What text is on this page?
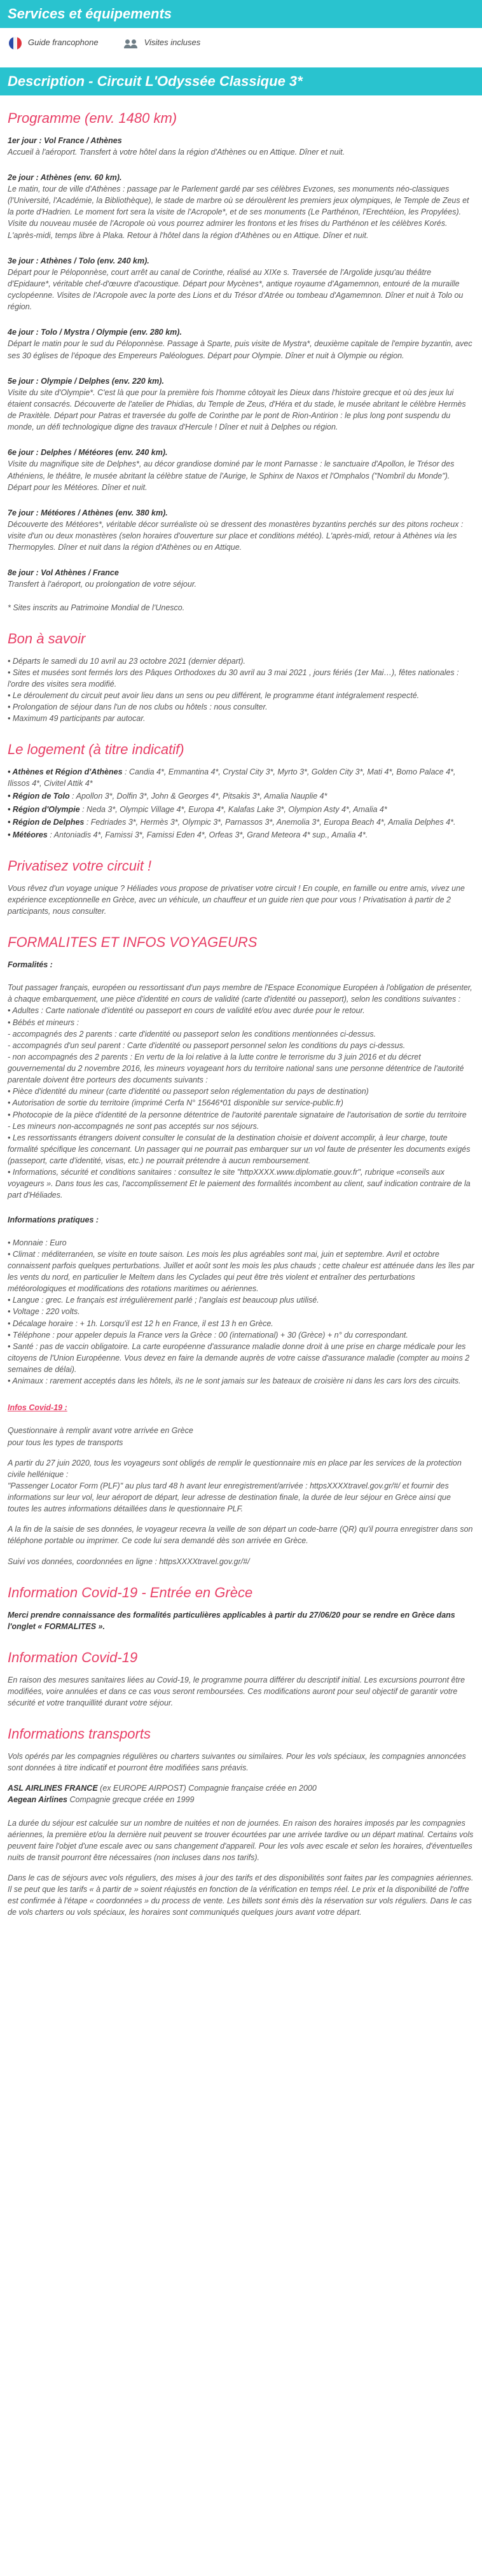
Services et équipements
Guide francophone	Visites incluses
Description - Circuit L'Odyssée Classique 3*
Programme (env. 1480 km)

1er jour : Vol France / Athènes

Accueil à l'aéroport. Transfert à votre hôtel dans la région d'Athènes ou en Attique. Dîner et nuit.

2e jour : Athènes (env. 60 km).

Le matin, tour de ville d'Athènes : passage par le Parlement gardé par ses célèbres Evzones, ses monuments néo-classiques (l'Université, l'Académie, la Bibliothèque), le stade de marbre où se déroulèrent les premiers jeux olympiques, le Temple de Zeus et la porte d'Hadrien. Le moment fort sera la visite de l'Acropole*, et de ses monuments (Le Parthénon, l'Erechtéion, les Propylées). Visite du nouveau musée de l'Acropole où vous pourrez admirer les frontons et les frises du Parthénon et les célèbres Korés. L'après-midi, temps libre à Plaka. Retour à l'hôtel dans la région d'Athènes ou en Attique. Dîner et nuit.

3e jour : Athènes / Tolo (env. 240 km).

Départ pour le Péloponnèse, court arrêt au canal de Corinthe, réalisé au XIXe s. Traversée de l'Argolide jusqu'au théâtre d'Epidaure*, véritable chef-d'œuvre d'acoustique. Départ pour Mycènes*, antique royaume d'Agamemnon, entouré de la muraille cyclopéenne. Visites de l'Acropole avec la porte des Lions et du Trésor d'Atrée ou tombeau d'Agamemnon. Dîner et nuit à Tolo ou région.

4e jour : Tolo / Mystra / Olympie (env. 280 km).

Départ le matin pour le sud du Péloponnèse. Passage à Sparte, puis visite de Mystra*, deuxième capitale de l'empire byzantin, avec ses 30 églises de l'époque des Empereurs Paléologues. Départ pour Olympie. Dîner et nuit à Olympie ou région.

5e jour : Olympie / Delphes (env. 220 km).

Visite du site d'Olympie*. C'est là que pour la première fois l'homme côtoyait les Dieux dans l'histoire grecque et où des jeux lui étaient consacrés. Découverte de l'atelier de Phidias, du Temple de Zeus, d'Héra et du stade, le musée abritant le célèbre Hermès de Praxitèle. Départ pour Patras et traversée du golfe de Corinthe par le pont de Rion-Antirion : le plus long pont suspendu du monde, un défi technologique digne des travaux d'Hercule ! Dîner et nuit à Delphes ou région.

6e jour : Delphes / Météores (env. 240 km).

Visite du magnifique site de Delphes*, au décor grandiose dominé par le mont Parnasse : le sanctuaire d'Apollon, le Trésor des Athéniens, le théâtre, le musée abritant la célèbre statue de l'Aurige, le Sphinx de Naxos et l'Omphalos ("Nombril du Monde"). Départ pour les Météores. Dîner et nuit.

7e jour : Météores / Athènes (env. 380 km).

Découverte des Météores*, véritable décor surréaliste où se dressent des monastères byzantins perchés sur des pitons rocheux : visite d'un ou deux monastères (selon horaires d'ouverture sur place et conditions météo). L'après-midi, retour à Athènes via les Thermopyles. Dîner et nuit dans la région d'Athènes ou en Attique.

8e jour : Vol Athènes / France

Transfert à l'aéroport, ou prolongation de votre séjour.

* Sites inscrits au Patrimoine Mondial de l'Unesco.

Bon à savoir

• Départs le samedi du 10 avril au 23 octobre 2021 (dernier départ).

• Sites et musées sont fermés lors des Pâques Orthodoxes du 30 avril au 3 mai 2021 , jours fériés (1er Mai…), fêtes nationales : l'ordre des visites sera modifié.

• Le déroulement du circuit peut avoir lieu dans un sens ou peu différent, le programme étant intégralement respecté.

• Prolongation de séjour dans l'un de nos clubs ou hôtels : nous consulter.

• Maximum 49 participants par autocar.

Le logement (à titre indicatif)

• Athènes et Région d'Athènes : Candia 4*, Emmantina 4*, Crystal City 3*, Myrto 3*, Golden City 3*, Mati 4*, Bomo Palace 4*, Ilissos 4*, Civitel Attik 4*

• Région de Tolo : Apollon 3*, Dolfin 3*, John & Georges 4*, Pitsakis 3*, Amalia Nauplie 4*

• Région d'Olympie : Neda 3*, Olympic Village 4*, Europa 4*, Kalafas Lake 3*, Olympion Asty 4*, Amalia 4*

• Région de Delphes : Fedriades 3*, Hermès 3*, Olympic 3*, Parnassos 3*, Anemolia 3*, Europa Beach 4*, Amalia Delphes 4*.

• Météores : Antoniadis 4*, Famissi 3*, Famissi Eden 4*, Orfeas 3*, Grand Meteora 4* sup., Amalia 4*.

Privatisez votre circuit !

Vous rêvez d'un voyage unique ? Héliades vous propose de privatiser votre circuit ! En couple, en famille ou entre amis, vivez une expérience exceptionnelle en Grèce, avec un véhicule, un chauffeur et un guide rien que pour vous ! Privatisation à partir de 2 participants, nous consulter.

FORMALITES ET INFOS VOYAGEURS

Formalités :

Tout passager français, européen ou ressortissant d'un pays membre de l'Espace Economique Européen à l'obligation de présenter, à chaque embarquement, une pièce d'identité en cours de validité (carte d'identité ou passeport), selon les conditions suivantes :
• Adultes : Carte nationale d'identité ou passeport en cours de validité et/ou avec durée pour le retour.
• Bébés et mineurs :
- accompagnés des 2 parents : carte d'identité ou passeport selon les conditions mentionnées ci-dessus.
- accompagnés d'un seul parent : Carte d'identité ou passeport personnel selon les conditions du pays ci-dessus.
- non accompagnés des 2 parents : En vertu de la loi relative à la lutte contre le terrorisme du 3 juin 2016 et du décret gouvernemental du 2 novembre 2016, les mineurs voyageant hors du territoire national sans une personne détentrice de l'autorité parentale doivent être porteurs des documents suivants :
• Pièce d'identité du mineur (carte d'identité ou passeport selon réglementation du pays de destination)
• Autorisation de sortie du territoire (imprimé Cerfa N° 15646*01 disponible sur service-public.fr)
• Photocopie de la pièce d'identité de la personne détentrice de l'autorité parentale signataire de l'autorisation de sortie du territoire
- Les mineurs non-accompagnés ne sont pas acceptés sur nos séjours.
• Les ressortissants étrangers doivent consulter le consulat de la destination choisie et doivent accomplir, à leur charge, toute formalité spécifique les concernant. Un passager qui ne pourrait pas embarquer sur un vol faute de présenter les documents exigés (passeport, carte d'identité, visas, etc.) ne pourrait prétendre à aucun remboursement.
• Informations, sécurité et conditions sanitaires : consultez le site "httpXXXX.www.diplomatie.gouv.fr", rubrique «conseils aux voyageurs ». Dans tous les cas, l'accomplissement Et le paiement des formalités incombent au client, sauf indication contraire de la part d'Héliades.

Informations pratiques :

• Monnaie : Euro
• Climat : méditerranéen, se visite en toute saison. Les mois les plus agréables sont mai, juin et septembre. Avril et octobre connaissent parfois quelques perturbations. Juillet et août sont les mois les plus chauds ; cette chaleur est atténuée dans les îles par les vents du nord, en particulier le Meltem dans les Cyclades qui peut être très violent et entraîner des perturbations météorologiques et modifications des rotations maritimes ou aériennes.
• Langue : grec. Le français est irrégulièrement parlé ; l'anglais est beaucoup plus utilisé.
• Voltage : 220 volts.
• Décalage horaire : + 1h. Lorsqu'il est 12 h en France, il est 13 h en Grèce.
• Téléphone : pour appeler depuis la France vers la Grèce : 00 (international) + 30 (Grèce) + n° du correspondant.
• Santé : pas de vaccin obligatoire. La carte européenne d'assurance maladie donne droit à une prise en charge médicale pour les citoyens de l'Union Européenne. Vous devez en faire la demande auprès de votre caisse d'assurance maladie (compter au moins 2 semaines de délai).
• Animaux : rarement acceptés dans les hôtels, ils ne le sont jamais sur les bateaux de croisière ni dans les cars lors des circuits.

Infos Covid-19 :

Questionnaire à remplir avant votre arrivée en Grèce
pour tous les types de transports

A partir du 27 juin 2020, tous les voyageurs sont obligés de remplir le questionnaire mis en place par les services de la protection civile hellénique :
"Passenger Locator Form (PLF)" au plus tard 48 h avant leur enregistrement/arrivée : httpsXXXXtravel.gov.gr/#/ et fournir des informations sur leur vol, leur aéroport de départ, leur adresse de destination finale, la durée de leur séjour en Grèce ainsi que toutes les autres informations détaillées dans le questionnaire PLF.

A la fin de la saisie de ses données, le voyageur recevra la veille de son départ un code-barre (QR) qu'il pourra enregistrer dans son téléphone portable ou imprimer. Ce code lui sera demandé dès son arrivée en Grèce.

Suivi vos données, coordonnées en ligne : httpsXXXXtravel.gov.gr/#/

Information Covid-19 - Entrée en Grèce

Merci prendre connaissance des formalités particulières applicables à partir du 27/06/20 pour se rendre en Grèce dans l'onglet « FORMALITES ».

Information Covid-19

En raison des mesures sanitaires liées au Covid-19, le programme pourra différer du descriptif initial. Les excursions pourront être modifiées, voire annulées et dans ce cas vous seront remboursées. Ces modifications auront pour seul objectif de garantir votre sécurité et votre tranquillité durant votre séjour.

Informations transports

Vols opérés par les compagnies régulières ou charters suivantes ou similaires. Pour les vols spéciaux, les compagnies annoncées sont données à titre indicatif et pourront être modifiées sans préavis.

ASL AIRLINES FRANCE (ex EUROPE AIRPOST) Compagnie française créée en 2000

Aegean Airlines Compagnie grecque créée en 1999

La durée du séjour est calculée sur un nombre de nuitées et non de journées. En raison des horaires imposés par les compagnies aériennes, la première et/ou la dernière nuit peuvent se trouver écourtées par une arrivée tardive ou un départ matinal. Certains vols peuvent faire l'objet d'une escale avec ou sans changement d'appareil. Pour les vols avec escale et selon les horaires, d'éventuelles nuits de transit pourront être nécessaires (non incluses dans nos tarifs).

Dans le cas de séjours avec vols réguliers, des mises à jour des tarifs et des disponibilités sont faites par les compagnies aériennes. Il se peut que les tarifs « à partir de » soient réajustés en fonction de la vérification en temps réel. Le prix et la disponibilité de l'offre est confirmée à l'étape « coordonnées » du process de vente. Les billets sont émis dès la réservation sur vols réguliers. Dans le cas de vols charters ou vols spéciaux, les horaires sont communiqués quelques jours avant votre départ.
